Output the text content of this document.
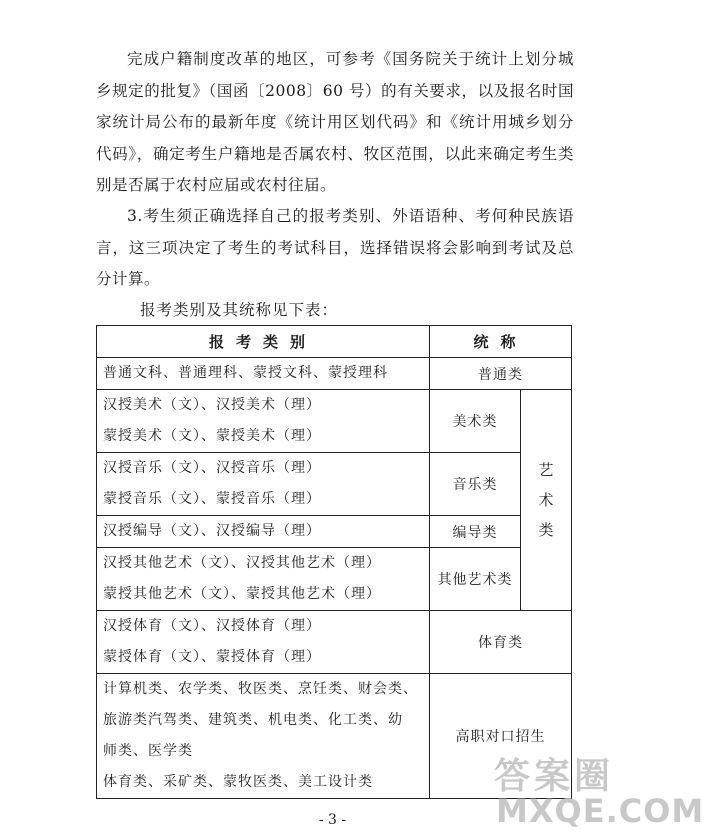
完成户籍制度改革的地区，可参考《国务院关于统计上划分城乡规定的批复》（国函〔2008〕60 号）的有关要求，以及报名时国家统计局公布的最新年度《统计用区划代码》和《统计用城乡划分代码》，确定考生户籍地是否属农村、牧区范围，以此来确定考生类别是否属于农村应届或农村往届。

3.考生须正确选择自己的报考类别、外语语种、考何种民族语言，这三项决定了考生的考试科目，选择错误将会影响到考试及总分计算。

报考类别及其统称见下表：

报考类别	统称	

普通文科、普通理科、蒙授文科、蒙授理科	普通类	

汉授美术（文）、汉授美术（理）
蒙授美术（文）、蒙授美术（理）	美术类	艺术类

汉授音乐（文）、汉授音乐（理）
蒙授音乐（文）、蒙授音乐（理）	音乐类	

汉授编导（文）、汉授编导（理）	编导类	

汉授其他艺术（文）、汉授其他艺术（理）
蒙授其他艺术（文）、蒙授其他艺术（理）	其他艺术类	

汉授体育（文）、汉授体育（理）
蒙授体育（文）、蒙授体育（理）	体育类	

计算机类、农学类、牧医类、烹饪类、财会类、
旅游类汽驾类、建筑类、机电类、化工类、幼
师类、医学类
体育类、采矿类、蒙牧医类、美工设计类	高职对口招生	
- 3 -
答案圈
MXQE.COM
